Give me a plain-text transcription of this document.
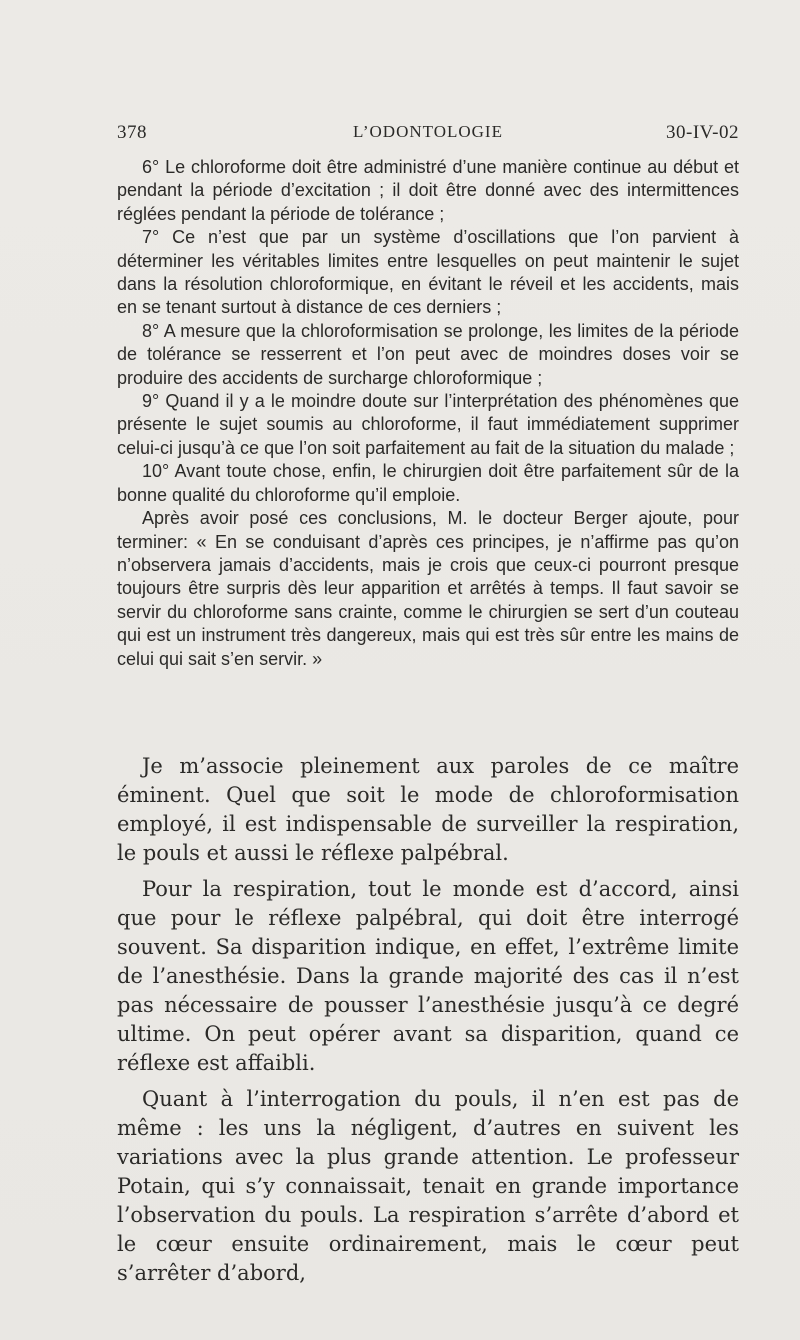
378	L’ODONTOLOGIE	30-IV-02

6° Le chloroforme doit être administré d’une manière continue au début et pendant la période d’excitation ; il doit être donné avec des intermittences réglées pendant la période de tolérance ;

7° Ce n’est que par un système d’oscillations que l’on parvient à déterminer les véritables limites entre lesquelles on peut maintenir le sujet dans la résolution chloroformique, en évitant le réveil et les accidents, mais en se tenant surtout à distance de ces derniers ;

8° A mesure que la chloroformisation se prolonge, les limites de la période de tolérance se resserrent et l’on peut avec de moindres doses voir se produire des accidents de surcharge chloroformique ;

9° Quand il y a le moindre doute sur l’interprétation des phénomènes que présente le sujet soumis au chloroforme, il faut immédiatement supprimer celui-ci jusqu’à ce que l’on soit parfaitement au fait de la situation du malade ;

10° Avant toute chose, enfin, le chirurgien doit être parfaitement sûr de la bonne qualité du chloroforme qu’il emploie.

Après avoir posé ces conclusions, M. le docteur Berger ajoute, pour terminer: « En se conduisant d’après ces principes, je n’affirme pas qu’on n’observera jamais d’accidents, mais je crois que ceux-ci pourront presque toujours être surpris dès leur apparition et arrêtés à temps. Il faut savoir se servir du chloroforme sans crainte, comme le chirurgien se sert d’un couteau qui est un instrument très dangereux, mais qui est très sûr entre les mains de celui qui sait s’en servir. »

Je m’associe pleinement aux paroles de ce maître éminent. Quel que soit le mode de chloroformisation employé, il est indispensable de surveiller la respiration, le pouls et aussi le réflexe palpébral.

Pour la respiration, tout le monde est d’accord, ainsi que pour le réflexe palpébral, qui doit être interrogé souvent. Sa disparition indique, en effet, l’extrême limite de l’anesthésie. Dans la grande majorité des cas il n’est pas nécessaire de pousser l’anesthésie jusqu’à ce degré ultime. On peut opérer avant sa disparition, quand ce réflexe est affaibli.

Quant à l’interrogation du pouls, il n’en est pas de même : les uns la négligent, d’autres en suivent les variations avec la plus grande attention. Le professeur Potain, qui s’y connaissait, tenait en grande importance l’observation du pouls. La respiration s’arrête d’abord et le cœur ensuite ordinairement, mais le cœur peut s’arrêter d’abord,
